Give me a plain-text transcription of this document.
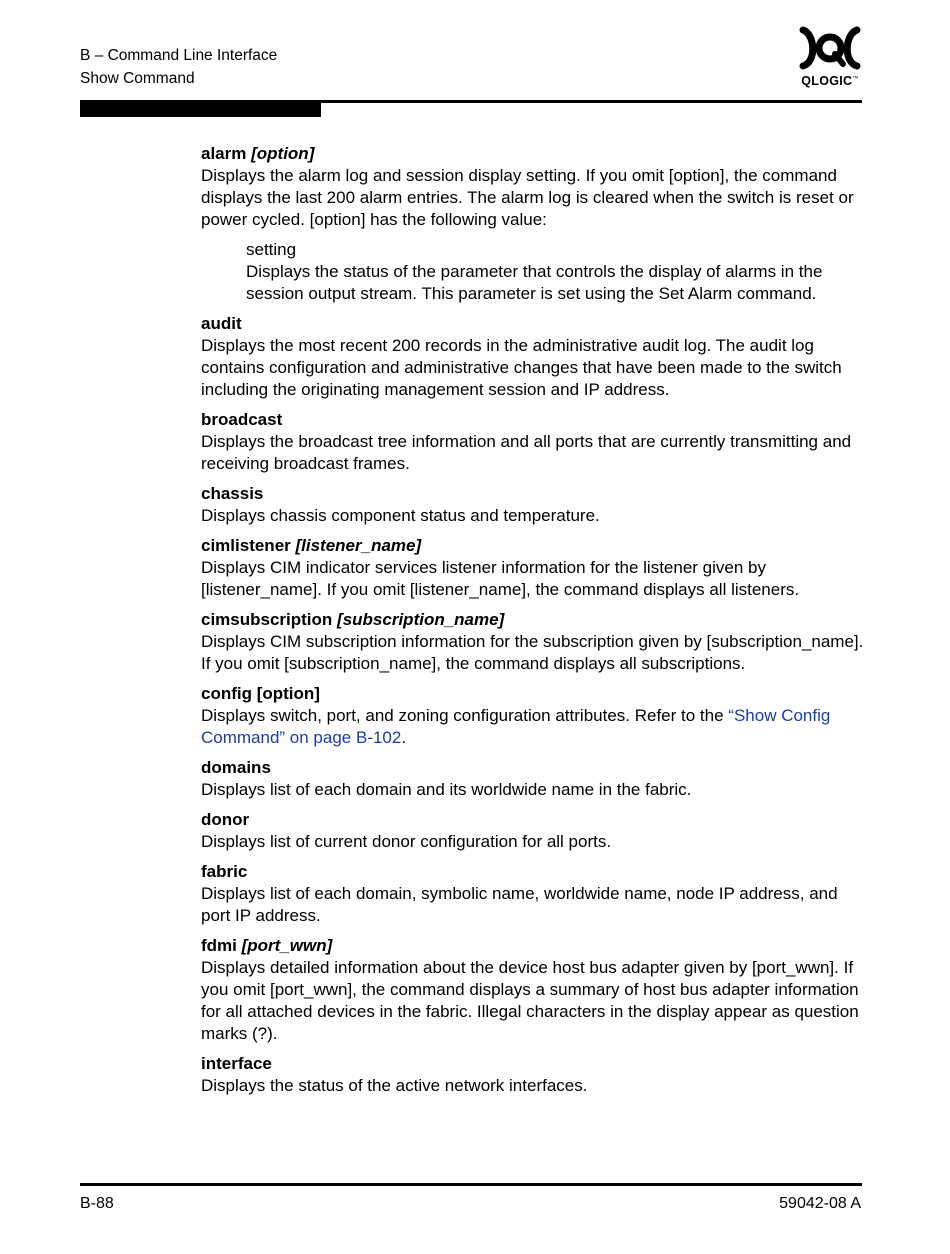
B – Command Line Interface
Show Command	QLOGIC™
alarm [option]

Displays the alarm log and session display setting. If you omit [option], the command displays the last 200 alarm entries. The alarm log is cleared when the switch is reset or power cycled. [option] has the following value:

setting

Displays the status of the parameter that controls the display of alarms in the session output stream. This parameter is set using the Set Alarm command.

audit

Displays the most recent 200 records in the administrative audit log. The audit log contains configuration and administrative changes that have been made to the switch including the originating management session and IP address.

broadcast

Displays the broadcast tree information and all ports that are currently transmitting and receiving broadcast frames.

chassis

Displays chassis component status and temperature.

cimlistener [listener_name]

Displays CIM indicator services listener information for the listener given by [listener_name]. If you omit [listener_name], the command displays all listeners.

cimsubscription [subscription_name]

Displays CIM subscription information for the subscription given by [subscription_name]. If you omit [subscription_name], the command displays all subscriptions.

config [option]

Displays switch, port, and zoning configuration attributes. Refer to the “Show Config Command” on page B-102.

domains

Displays list of each domain and its worldwide name in the fabric.

donor

Displays list of current donor configuration for all ports.

fabric

Displays list of each domain, symbolic name, worldwide name, node IP address, and port IP address.

fdmi [port_wwn]

Displays detailed information about the device host bus adapter given by [port_wwn]. If you omit [port_wwn], the command displays a summary of host bus adapter information for all attached devices in the fabric. Illegal characters in the display appear as question marks (?).

interface

Displays the status of the active network interfaces.

B-88	59042-08 A
